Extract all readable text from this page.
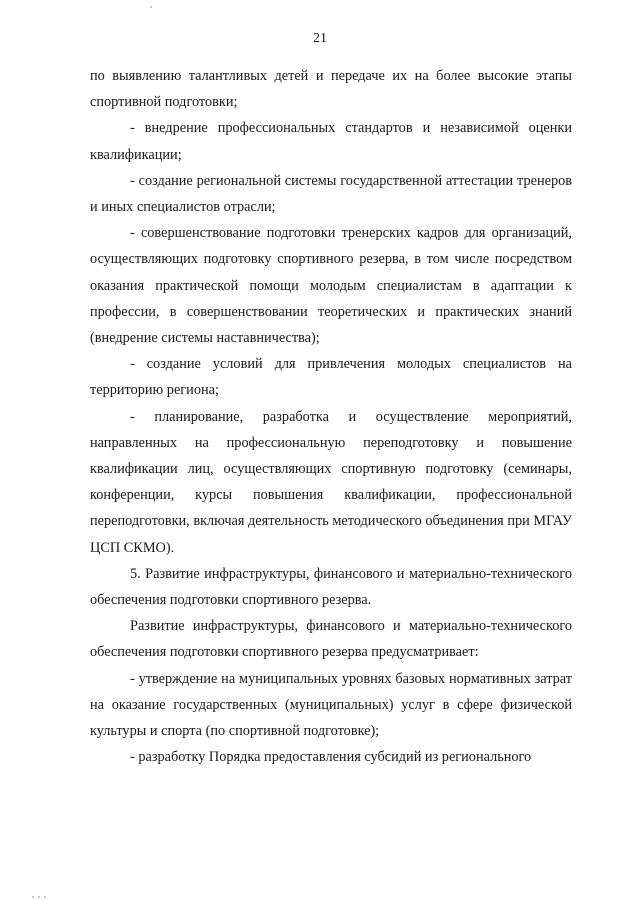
21

по выявлению талантливых детей и передаче их на более высокие этапы спортивной подготовки;

- внедрение профессиональных стандартов и независимой оценки квалификации;

- создание региональной системы государственной аттестации тренеров и иных специалистов отрасли;

- совершенствование подготовки тренерских кадров для организаций, осуществляющих подготовку спортивного резерва, в том числе посредством оказания практической помощи молодым специалистам в адаптации к профессии, в совершенствовании теоретических и практических знаний (внедрение системы наставничества);

- создание условий для привлечения молодых специалистов на территорию региона;

- планирование, разработка и осуществление мероприятий, направленных на профессиональную переподготовку и повышение квалификации лиц, осуществляющих спортивную подготовку (семинары, конференции, курсы повышения квалификации, профессиональной переподготовки, включая деятельность методического объединения при МГАУ ЦСП СКМО).

5. Развитие инфраструктуры, финансового и материально-технического обеспечения подготовки спортивного резерва.

Развитие инфраструктуры, финансового и материально-технического обеспечения подготовки спортивного резерва предусматривает:

- утверждение на муниципальных уровнях базовых нормативных затрат на оказание государственных (муниципальных) услуг в сфере физической культуры и спорта (по спортивной подготовке);

- разработку Порядка предоставления субсидий из регионального
